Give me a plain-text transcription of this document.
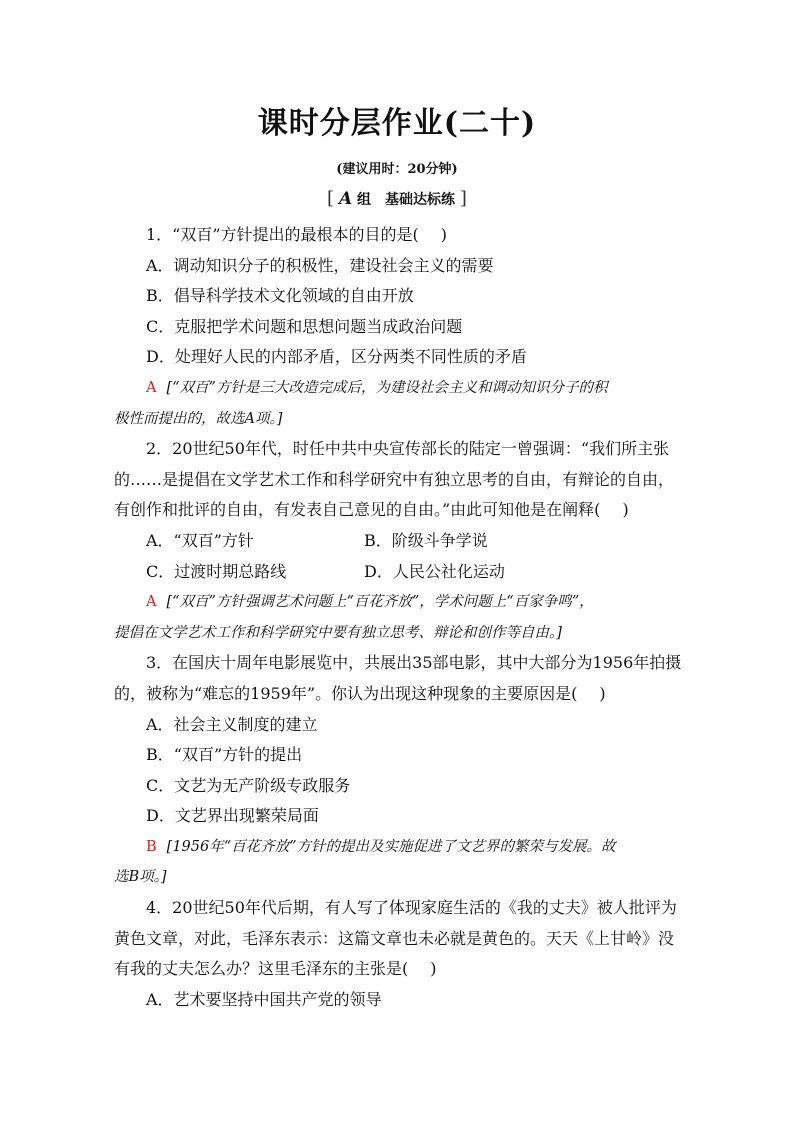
课时分层作业(二十)
(建议用时：20分钟)
[ A 组　基础达标练 ]
1．“双百”方针提出的最根本的目的是( )
A．调动知识分子的积极性，建设社会主义的需要
B．倡导科学技术文化领域的自由开放
C．克服把学术问题和思想问题当成政治问题
D．处理好人民的内部矛盾，区分两类不同性质的矛盾
A [“双百”方针是三大改造完成后，为建设社会主义和调动知识分子的积
极性而提出的，故选A项。]
2．20世纪50年代，时任中共中央宣传部长的陆定一曾强调：“我们所主张
的……是提倡在文学艺术工作和科学研究中有独立思考的自由，有辩论的自由，
有创作和批评的自由，有发表自己意见的自由。”由此可知他是在阐释( )
A．“双百”方针	B．阶级斗争学说
C．过渡时期总路线	D．人民公社化运动
A [“双百”方针强调艺术问题上“百花齐放”，学术问题上“百家争鸣”，
提倡在文学艺术工作和科学研究中要有独立思考、辩论和创作等自由。]
3．在国庆十周年电影展览中，共展出35部电影，其中大部分为1956年拍摄
的，被称为“难忘的1959年”。你认为出现这种现象的主要原因是( )
A．社会主义制度的建立
B．“双百”方针的提出
C．文艺为无产阶级专政服务
D．文艺界出现繁荣局面
B [1956年“百花齐放”方针的提出及实施促进了文艺界的繁荣与发展。故
选B项。]
4．20世纪50年代后期，有人写了体现家庭生活的《我的丈夫》被人批评为
黄色文章，对此，毛泽东表示：这篇文章也未必就是黄色的。天天《上甘岭》没
有我的丈夫怎么办？这里毛泽东的主张是( )
A．艺术要坚持中国共产党的领导
